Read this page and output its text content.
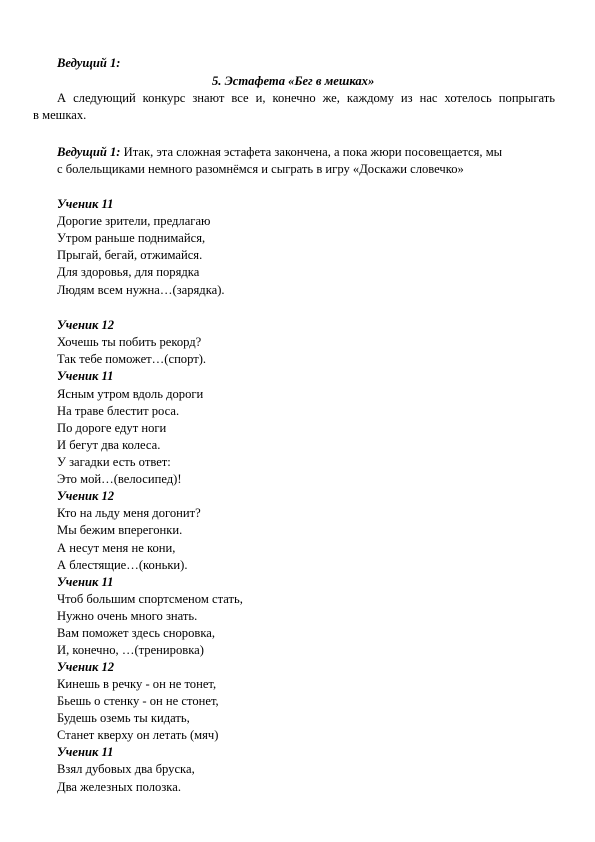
Ведущий 1:
5. Эстафета «Бег в мешках»
А следующий конкурс знают все и, конечно же, каждому из нас хотелось попрыгать
в мешках.
Ведущий 1: Итак, эта сложная эстафета закончена, а пока жюри посовещается, мы
с болельщиками немного разомнёмся и сыграть в игру «Доскажи словечко»
Ученик 11
Дорогие зрители, предлагаю
Утром раньше поднимайся,
Прыгай, бегай, отжимайся.
Для здоровья, для порядка
Людям всем нужна…(зарядка).
Ученик 12
Хочешь ты побить рекорд?
Так тебе поможет…(спорт).
Ученик 11
Ясным утром вдоль дороги
На траве блестит роса.
По дороге едут ноги
И бегут два колеса.
У загадки есть ответ:
Это мой…(велосипед)!
Ученик 12
Кто на льду меня догонит?
Мы бежим вперегонки.
А несут меня не кони,
А блестящие…(коньки).
Ученик 11
Чтоб большим спортсменом стать,
Нужно очень много знать.
Вам поможет здесь сноровка,
И, конечно, …(тренировка)
Ученик 12
Кинешь в речку - он не тонет,
Бьешь о стенку - он не стонет,
Будешь оземь ты кидать,
Станет кверху он летать (мяч)
Ученик 11
Взял дубовых два бруска,
Два железных полозка.
